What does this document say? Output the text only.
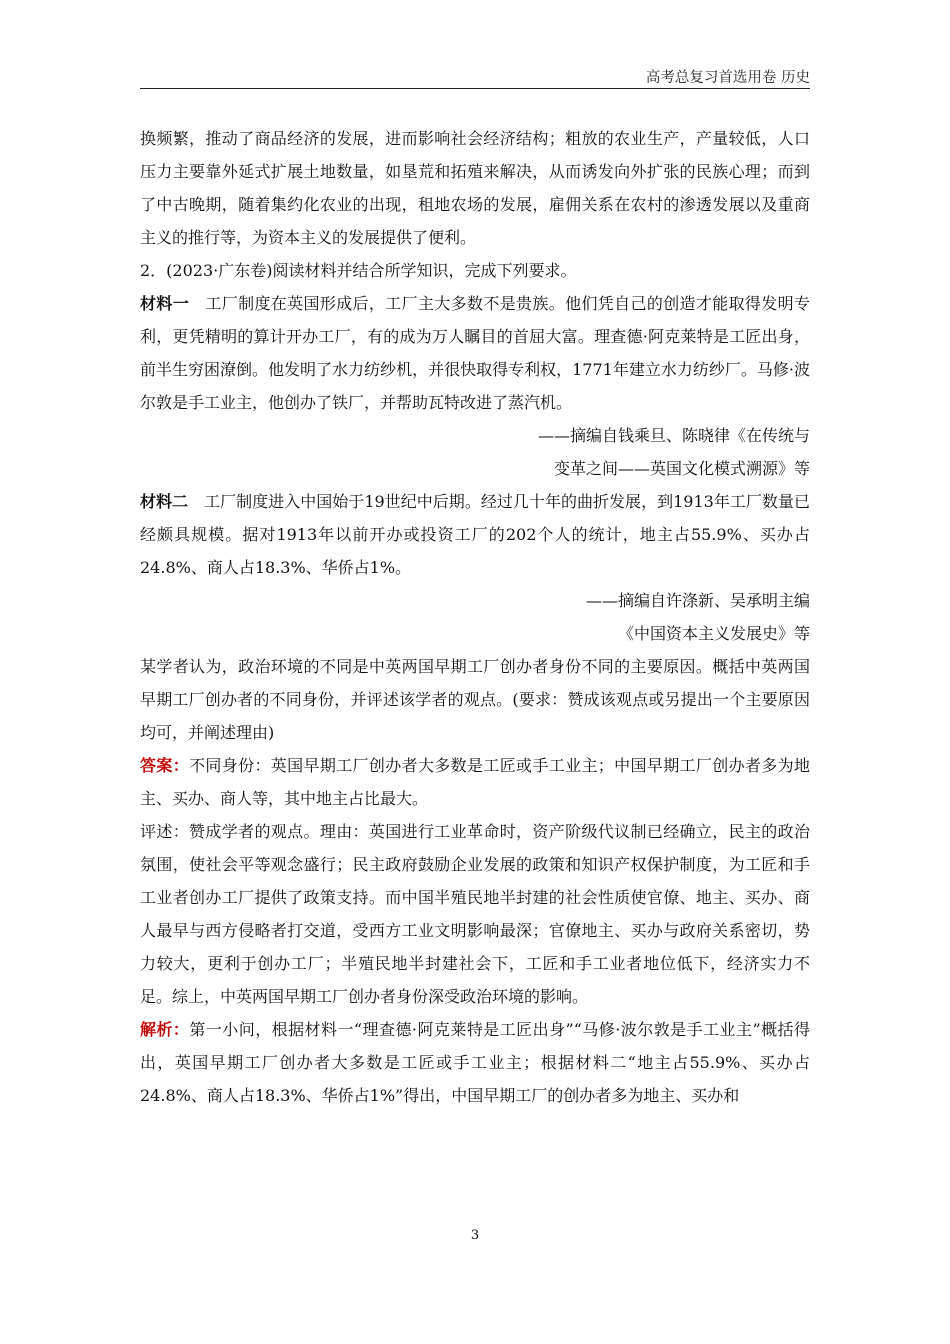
高考总复习首选用卷 历史

换频繁，推动了商品经济的发展，进而影响社会经济结构；粗放的农业生产，产量较低，人口压力主要靠外延式扩展土地数量，如垦荒和拓殖来解决，从而诱发向外扩张的民族心理；而到了中古晚期，随着集约化农业的出现，租地农场的发展，雇佣关系在农村的渗透发展以及重商主义的推行等，为资本主义的发展提供了便利。

2．(2023·广东卷)阅读材料并结合所学知识，完成下列要求。

材料一　工厂制度在英国形成后，工厂主大多数不是贵族。他们凭自己的创造才能取得发明专利，更凭精明的算计开办工厂，有的成为万人瞩目的首屈大富。理查德·阿克莱特是工匠出身，前半生穷困潦倒。他发明了水力纺纱机，并很快取得专利权，1771年建立水力纺纱厂。马修·波尔敦是手工业主，他创办了铁厂，并帮助瓦特改进了蒸汽机。

——摘编自钱乘旦、陈晓律《在传统与

变革之间——英国文化模式溯源》等

材料二　工厂制度进入中国始于19世纪中后期。经过几十年的曲折发展，到1913年工厂数量已经颇具规模。据对1913年以前开办或投资工厂的202个人的统计，地主占55.9%、买办占24.8%、商人占18.3%、华侨占1%。

——摘编自许涤新、吴承明主编

《中国资本主义发展史》等

某学者认为，政治环境的不同是中英两国早期工厂创办者身份不同的主要原因。概括中英两国早期工厂创办者的不同身份，并评述该学者的观点。(要求：赞成该观点或另提出一个主要原因均可，并阐述理由)

答案：不同身份：英国早期工厂创办者大多数是工匠或手工业主；中国早期工厂创办者多为地主、买办、商人等，其中地主占比最大。

评述：赞成学者的观点。理由：英国进行工业革命时，资产阶级代议制已经确立，民主的政治氛围，使社会平等观念盛行；民主政府鼓励企业发展的政策和知识产权保护制度，为工匠和手工业者创办工厂提供了政策支持。而中国半殖民地半封建的社会性质使官僚、地主、买办、商人最早与西方侵略者打交道，受西方工业文明影响最深；官僚地主、买办与政府关系密切，势力较大，更利于创办工厂；半殖民地半封建社会下，工匠和手工业者地位低下，经济实力不足。综上，中英两国早期工厂创办者身份深受政治环境的影响。

解析：第一小问，根据材料一“理查德·阿克莱特是工匠出身”“马修·波尔敦是手工业主”概括得出，英国早期工厂创办者大多数是工匠或手工业主；根据材料二“地主占55.9%、买办占24.8%、商人占18.3%、华侨占1%”得出，中国早期工厂的创办者多为地主、买办和

3
